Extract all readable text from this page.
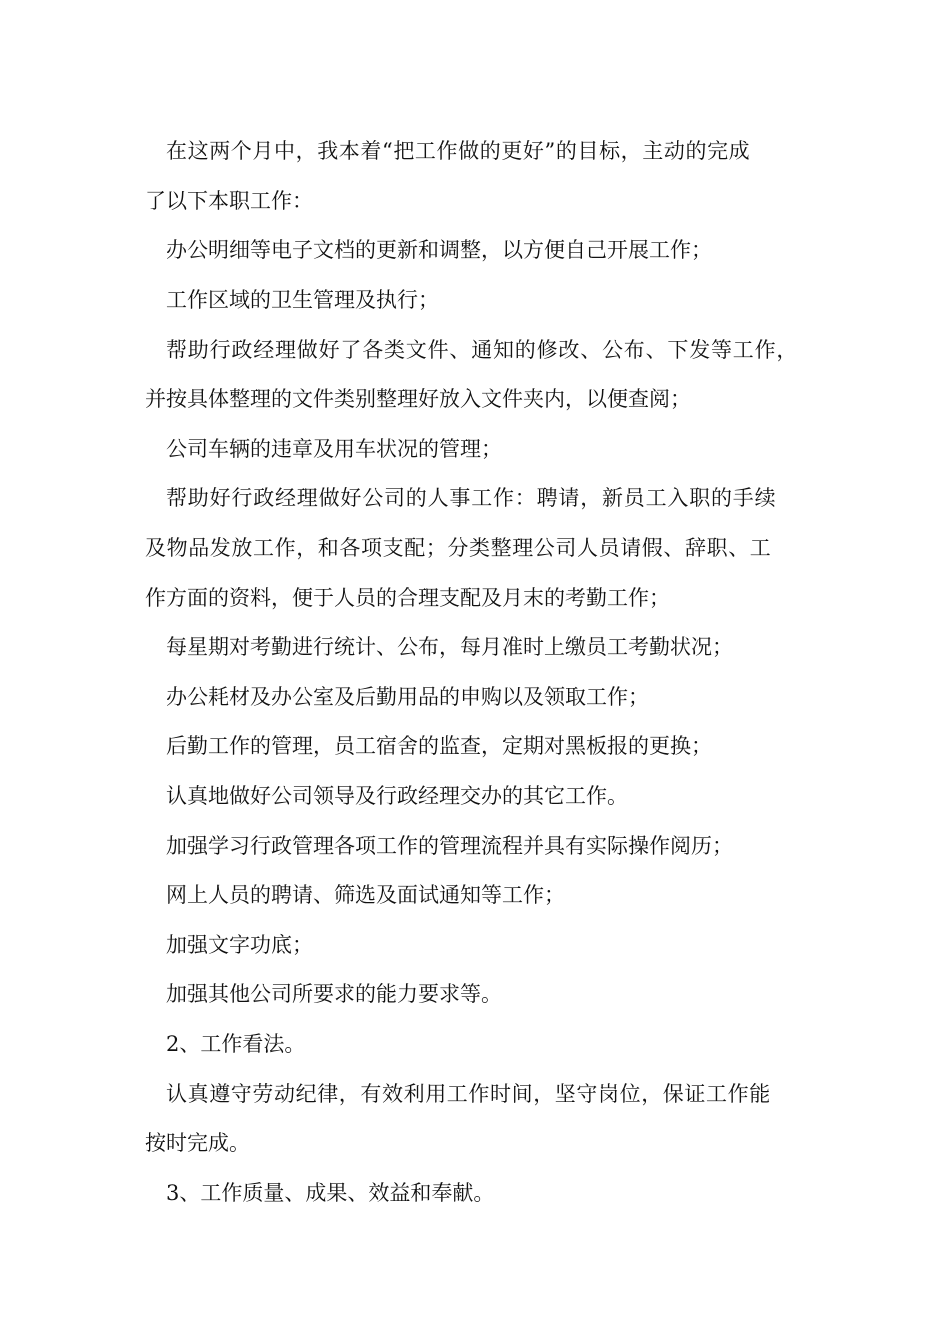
在这两个月中，我本着“把工作做的更好”的目标，主动的完成
了以下本职工作：
办公明细等电子文档的更新和调整，以方便自己开展工作；
工作区域的卫生管理及执行；
帮助行政经理做好了各类文件、通知的修改、公布、下发等工作，
并按具体整理的文件类别整理好放入文件夹内，以便查阅；
公司车辆的违章及用车状况的管理；
帮助好行政经理做好公司的人事工作：聘请，新员工入职的手续
及物品发放工作，和各项支配；分类整理公司人员请假、辞职、工
作方面的资料，便于人员的合理支配及月末的考勤工作；
每星期对考勤进行统计、公布，每月准时上缴员工考勤状况；
办公耗材及办公室及后勤用品的申购以及领取工作；
后勤工作的管理，员工宿舍的监查，定期对黑板报的更换；
认真地做好公司领导及行政经理交办的其它工作。
加强学习行政管理各项工作的管理流程并具有实际操作阅历；
网上人员的聘请、筛选及面试通知等工作；
加强文字功底；
加强其他公司所要求的能力要求等。
2、工作看法。
认真遵守劳动纪律，有效利用工作时间，坚守岗位，保证工作能
按时完成。
3、工作质量、成果、效益和奉献。
